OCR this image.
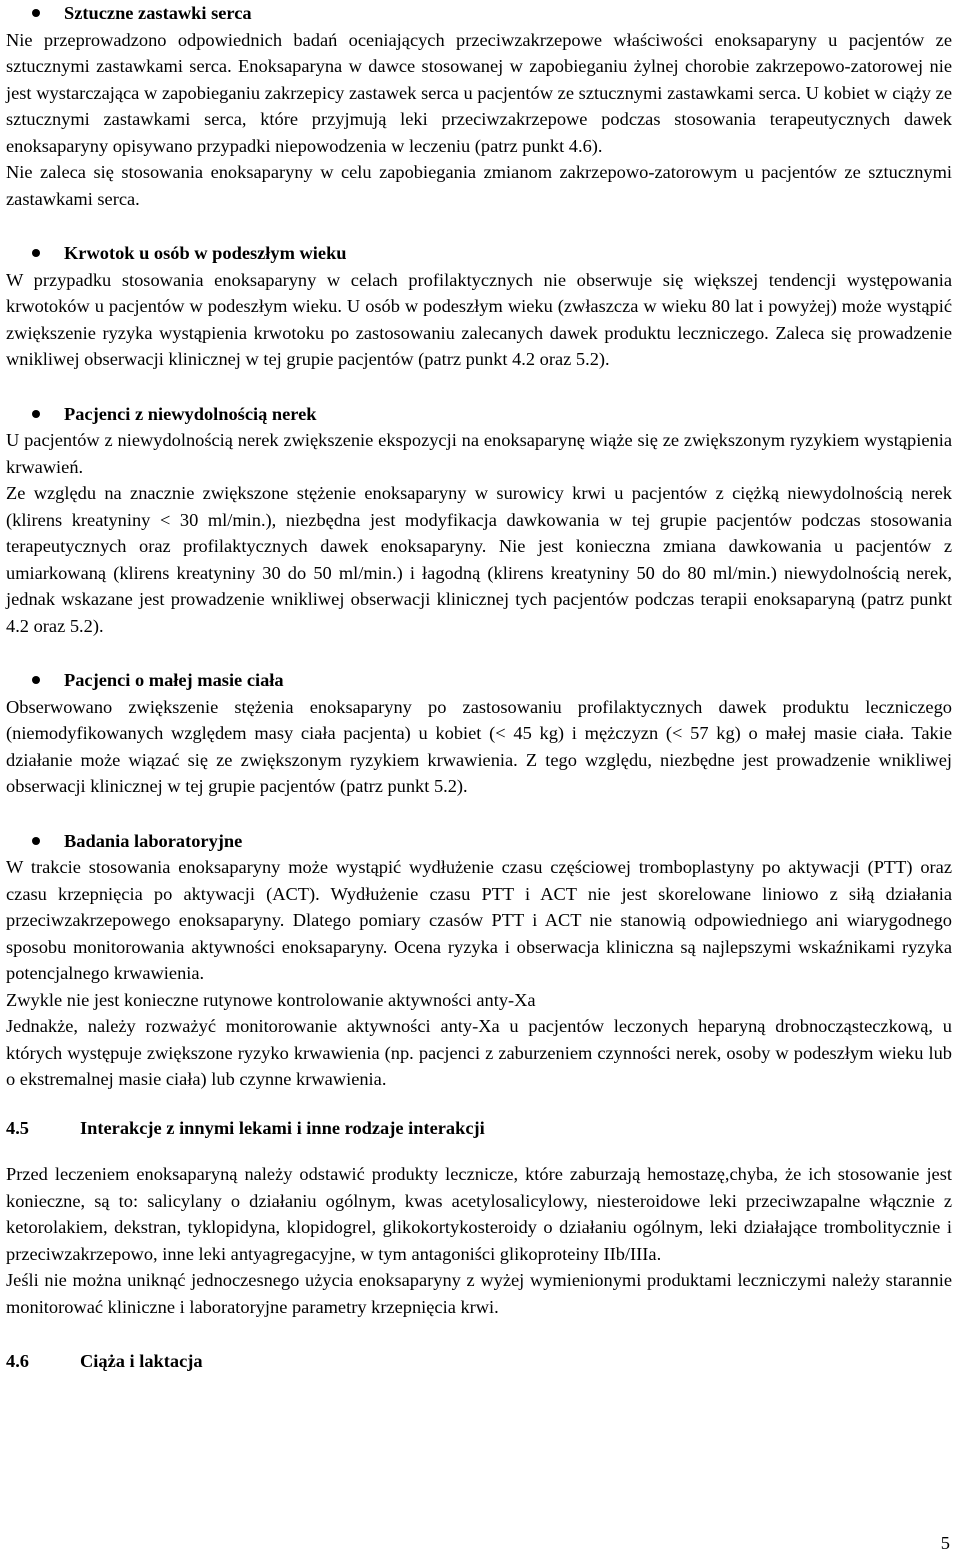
Sztuczne zastawki serca

Nie przeprowadzono odpowiednich badań oceniających przeciwzakrzepowe właściwości enoksaparyny u pacjentów ze sztucznymi zastawkami serca. Enoksaparyna w dawce stosowanej w zapobieganiu żylnej chorobie zakrzepowo-zatorowej nie jest wystarczająca w zapobieganiu zakrzepicy zastawek serca u pacjentów ze sztucznymi zastawkami serca. U kobiet w ciąży ze sztucznymi zastawkami serca, które przyjmują leki przeciwzakrzepowe podczas stosowania terapeutycznych dawek enoksaparyny opisywano przypadki niepowodzenia w leczeniu (patrz punkt 4.6).

Nie zaleca się stosowania enoksaparyny w celu zapobiegania zmianom zakrzepowo-zatorowym u pacjentów ze sztucznymi zastawkami serca.

Krwotok u osób w podeszłym wieku

W przypadku stosowania enoksaparyny w celach profilaktycznych nie obserwuje się większej tendencji występowania krwotoków u pacjentów w podeszłym wieku. U osób w podeszłym wieku (zwłaszcza w wieku 80 lat i powyżej) może wystąpić zwiększenie ryzyka wystąpienia krwotoku po zastosowaniu zalecanych dawek produktu leczniczego. Zaleca się prowadzenie wnikliwej obserwacji klinicznej w tej grupie pacjentów (patrz punkt 4.2 oraz 5.2).

Pacjenci z niewydolnością nerek

U pacjentów z niewydolnością nerek zwiększenie ekspozycji na enoksaparynę wiąże się ze zwiększonym ryzykiem wystąpienia krwawień.

Ze względu na znacznie zwiększone stężenie enoksaparyny w surowicy krwi u pacjentów z ciężką niewydolnością nerek (klirens kreatyniny < 30 ml/min.), niezbędna jest modyfikacja dawkowania w tej grupie pacjentów podczas stosowania terapeutycznych oraz profilaktycznych dawek enoksaparyny. Nie jest konieczna zmiana dawkowania u pacjentów z umiarkowaną (klirens kreatyniny 30 do 50 ml/min.) i łagodną (klirens kreatyniny 50 do 80 ml/min.) niewydolnością nerek, jednak wskazane jest prowadzenie wnikliwej obserwacji klinicznej tych pacjentów podczas terapii enoksaparyną (patrz punkt 4.2 oraz 5.2).

Pacjenci o małej masie ciała

Obserwowano zwiększenie stężenia enoksaparyny po zastosowaniu profilaktycznych dawek produktu leczniczego (niemodyfikowanych względem masy ciała pacjenta) u kobiet (< 45 kg) i mężczyzn (< 57 kg) o małej masie ciała. Takie działanie może wiązać się ze zwiększonym ryzykiem krwawienia. Z tego względu, niezbędne jest prowadzenie wnikliwej obserwacji klinicznej w tej grupie pacjentów (patrz punkt 5.2).

Badania laboratoryjne

W trakcie stosowania enoksaparyny może wystąpić wydłużenie czasu częściowej tromboplastyny po aktywacji (PTT) oraz czasu krzepnięcia po aktywacji (ACT). Wydłużenie czasu PTT i ACT nie jest skorelowane liniowo z siłą działania przeciwzakrzepowego enoksaparyny. Dlatego pomiary czasów PTT i ACT nie stanowią odpowiedniego ani wiarygodnego sposobu monitorowania aktywności enoksaparyny. Ocena ryzyka i obserwacja kliniczna są najlepszymi wskaźnikami ryzyka potencjalnego krwawienia.

Zwykle nie jest konieczne rutynowe kontrolowanie aktywności anty-Xa

Jednakże, należy rozważyć monitorowanie aktywności anty-Xa u pacjentów leczonych heparyną drobnocząsteczkową, u których występuje zwiększone ryzyko krwawienia (np. pacjenci z zaburzeniem czynności nerek, osoby w podeszłym wieku lub o ekstremalnej masie ciała) lub czynne krwawienia.

4.5	Interakcje z innymi lekami i inne rodzaje interakcji

Przed leczeniem enoksaparyną należy odstawić produkty lecznicze, które zaburzają hemostazę,chyba, że ich stosowanie jest konieczne, są to: salicylany o działaniu ogólnym, kwas acetylosalicylowy, niesteroidowe leki przeciwzapalne włącznie z ketorolakiem, dekstran, tyklopidyna, klopidogrel, glikokortykosteroidy o działaniu ogólnym, leki działające trombolitycznie i przeciwzakrzepowo, inne leki antyagregacyjne, w tym antagoniści glikoproteiny IIb/IIIa.

Jeśli nie można uniknąć jednoczesnego użycia enoksaparyny z wyżej wymienionymi produktami leczniczymi należy starannie monitorować kliniczne i laboratoryjne parametry krzepnięcia krwi.

4.6	Ciąża i laktacja
5
